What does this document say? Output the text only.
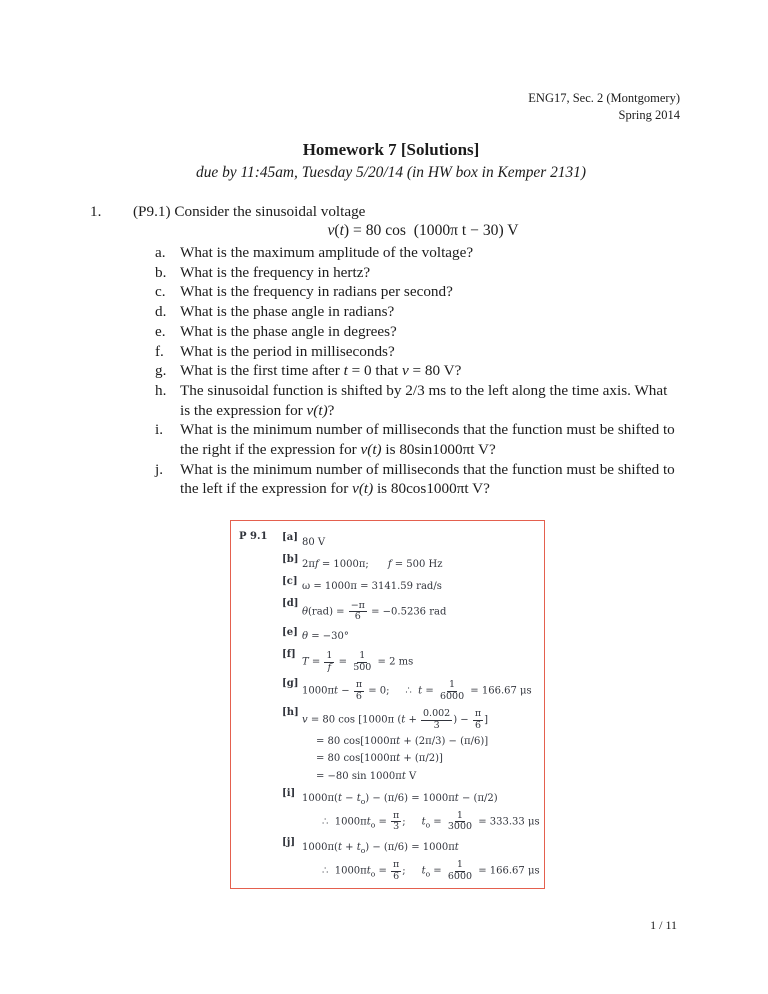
ENG17, Sec. 2 (Montgomery)
Spring 2014
Homework 7 [Solutions]
due by 11:45am, Tuesday 5/20/14 (in HW box in Kemper 2131)
1. (P9.1) Consider the sinusoidal voltage
v(t) = 80 cos  (1000π t − 30) V
a. What is the maximum amplitude of the voltage?
b. What is the frequency in hertz?
c. What is the frequency in radians per second?
d. What is the phase angle in radians?
e. What is the phase angle in degrees?
f.	What is the period in milliseconds?
g. What is the first time after t = 0 that v = 80 V?
h. The sinusoidal function is shifted by 2/3 ms to the left along the time axis. What is the expression for v(t)?
i.	What is the minimum number of milliseconds that the function must be shifted to the right if the expression for v(t) is 80sin1000πt V?
j.	What is the minimum number of milliseconds that the function must be shifted to the left if the expression for v(t) is 80cos1000πt V?
P 9.1 [a] 80 V
[b] 2πf = 1000π;      f = 500 Hz
[c] ω = 1000π = 3141.59 rad/s
[d]
$\theta(rad) = \frac{-\pi}{6} = -0.5236$ rad
[e] θ = −30°
[f]
$T = \frac{1}{f} = \frac{1}{500} = 2$ ms
[g]
$1000\pi t - \frac{\pi}{6} = 0$;     ∴  $t = \frac{1}{6000} = 166.67$ μs
[h]
v = 80 cos [1000π ($t + \frac{0.002}{3}$ ) − $\frac{\pi}{6}$ ]
= 80 cos[1000πt + (2π/3) − (π/6)]
= 80 cos[1000πt + (π/2)]
= −80 sin 1000πt V
[i] $1000\pi(t - t_o) - (\pi/6) = 1000\pi t - (\pi/2)$
∴  $1000\pi t_o = \frac{\pi}{3}$ ;     $t_o = \frac{1}{3000} = 333.33$ μs
[j] $1000\pi(t + t_o) - (\pi/6) = 1000\pi t$
∴  $1000\pi t_o = \frac{\pi}{6}$ ;     $t_o = \frac{1}{6000} = 166.67$ μs
1 / 11
